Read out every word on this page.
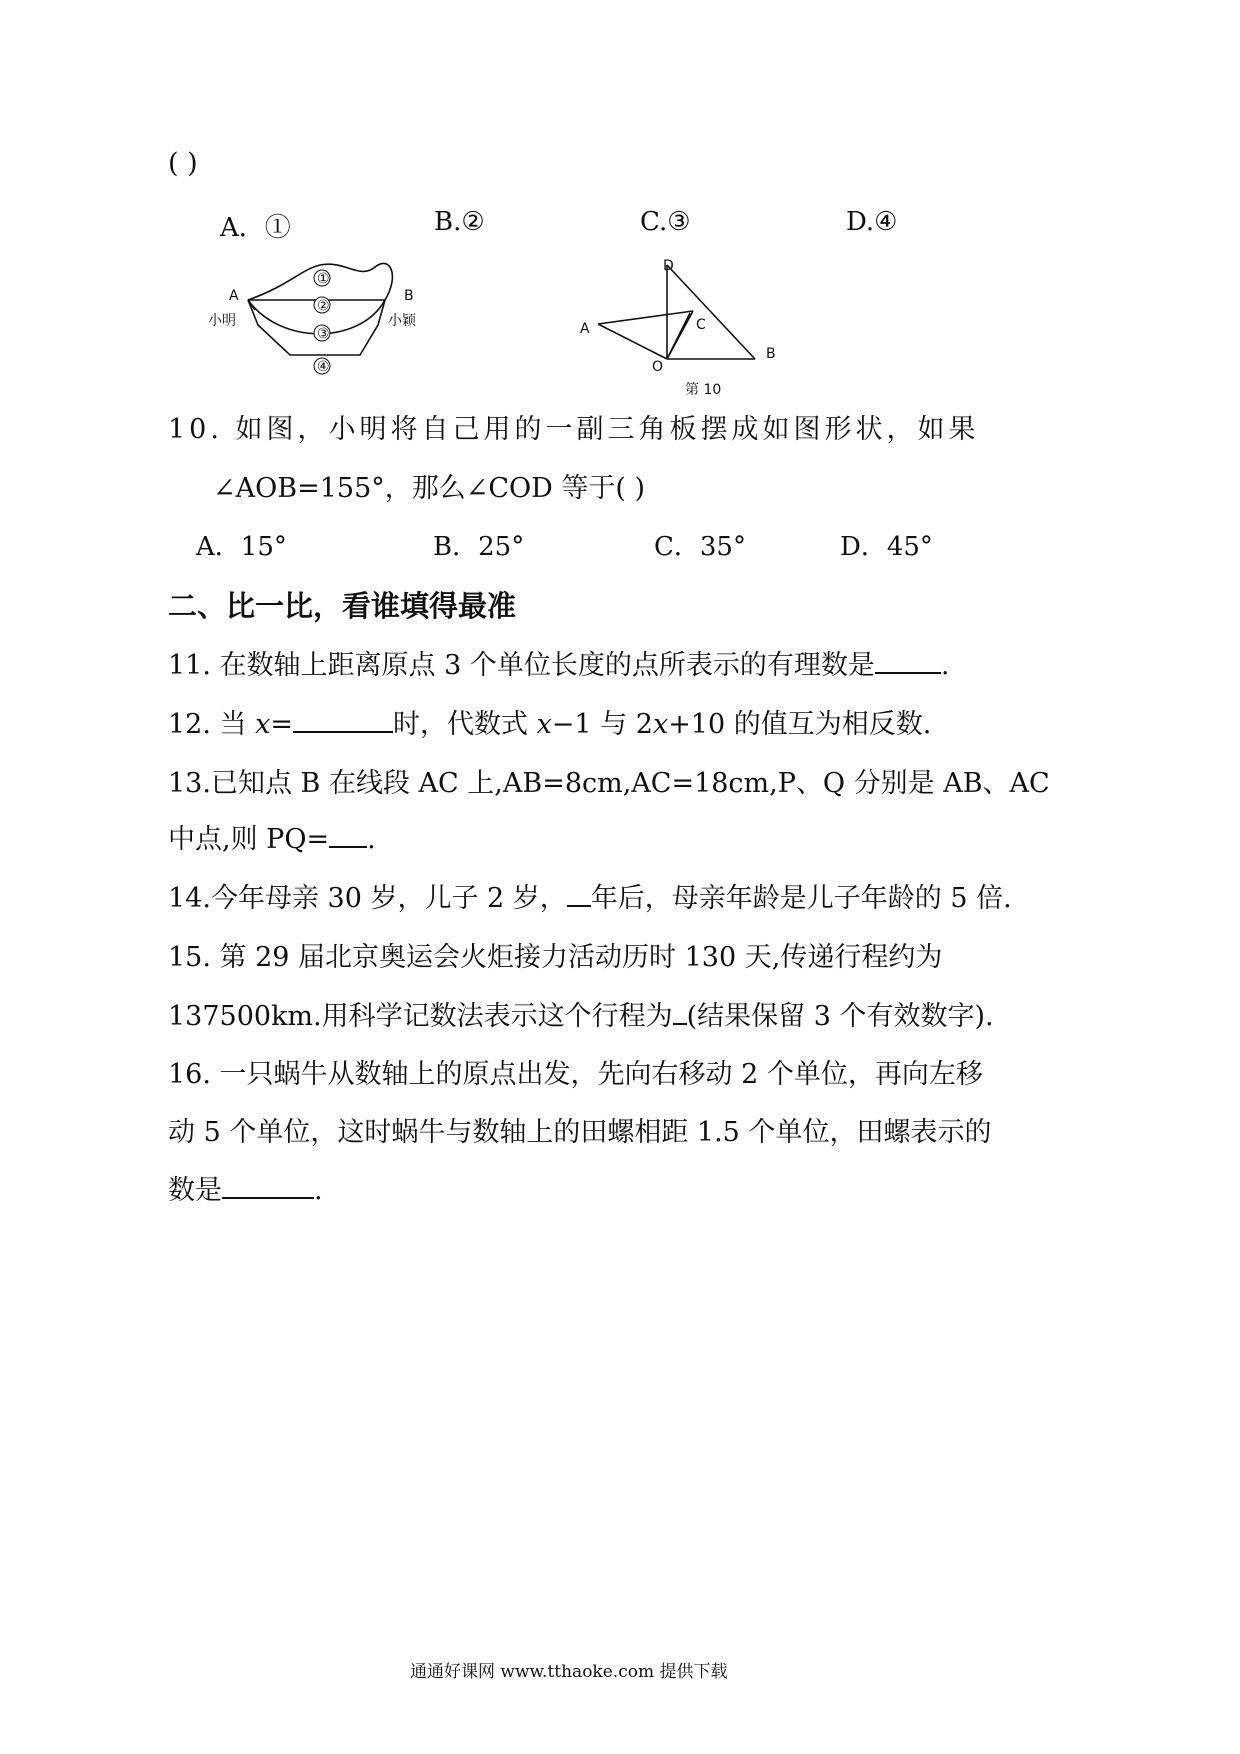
( )
A．①	B.②	C.③	D.④
①
②
③
④
A	B
小明	小颖
D
C
A
O
B
第 10
10. 如图，小明将自己用的一副三角板摆成如图形状，如果
∠AOB=155°，那么∠COD 等于( )
A．15°	B．25°	C．35°	D．45°
二、比一比，看谁填得最准
11. 在数轴上距离原点 3 个单位长度的点所表示的有理数是 .
12. 当 x=	时，代数式 x−1 与 2x+10 的值互为相反数.
13.已知点 B 在线段 AC 上,AB=8cm,AC=18cm,P、Q 分别是 AB、AC
中点,则 PQ= .
14.今年母亲 30 岁，儿子 2 岁， 年后，母亲年龄是儿子年龄的 5 倍.
15. 第 29 届北京奥运会火炬接力活动历时 130 天,传递行程约为
137500km.用科学记数法表示这个行程为 (结果保留 3 个有效数字).
16. 一只蜗牛从数轴上的原点出发，先向右移动 2 个单位，再向左移
动 5 个单位，这时蜗牛与数轴上的田螺相距 1.5 个单位，田螺表示的
数是	.
通通好课网 www.tthaoke.com 提供下载
